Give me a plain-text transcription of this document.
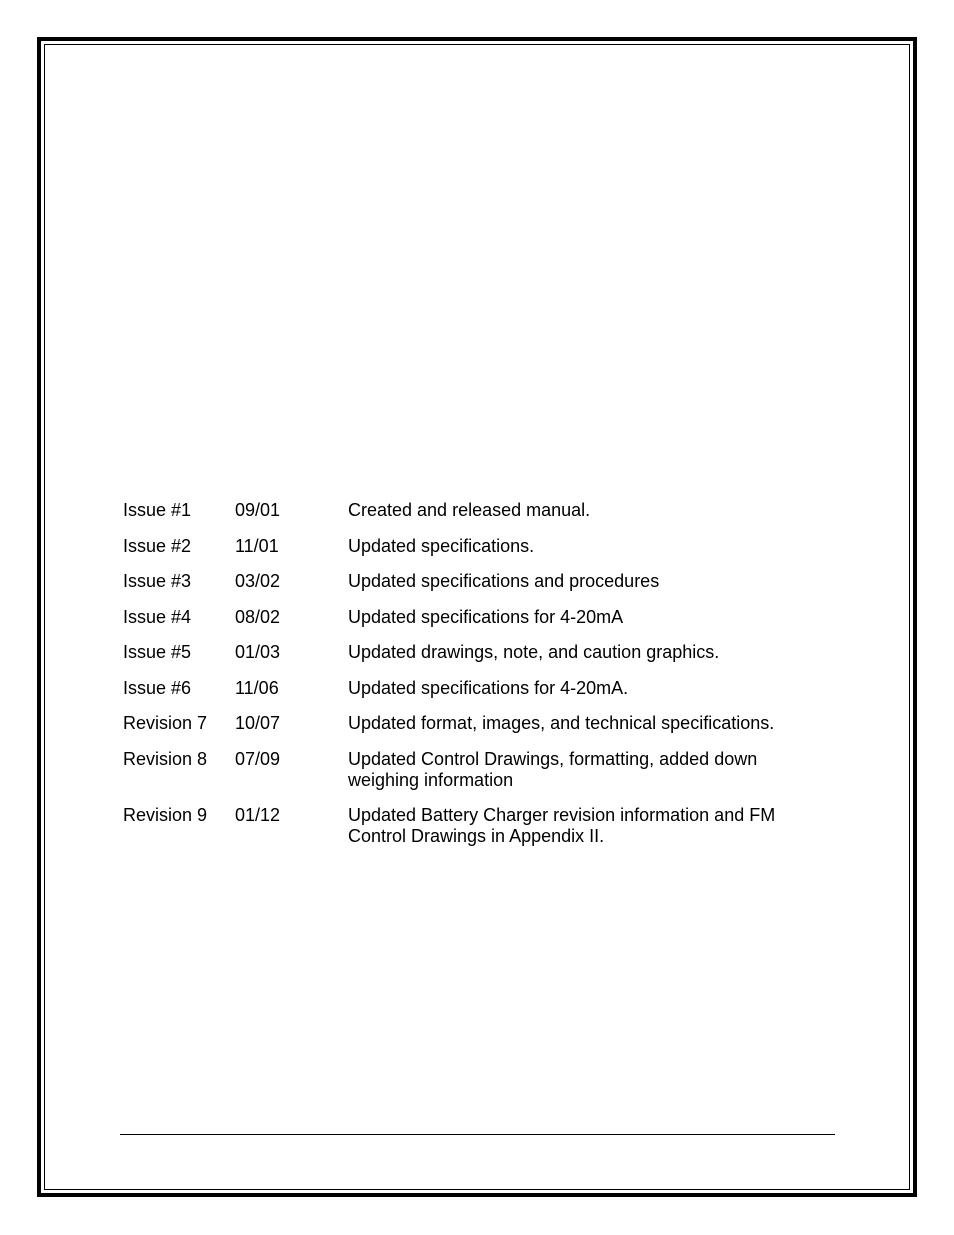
Issue #1	09/01	Created and released manual.
Issue #2	11/01	Updated specifications.
Issue #3	03/02	Updated specifications and procedures
Issue #4	08/02	Updated specifications for 4-20mA
Issue #5	01/03	Updated drawings, note, and caution graphics.
Issue #6	11/06	Updated specifications for 4-20mA.
Revision 7	10/07	Updated format, images, and technical specifications.
Revision 8	07/09	Updated Control Drawings, formatting, added down weighing information
Revision 9	01/12	Updated Battery Charger revision information and FM Control Drawings in Appendix II.
